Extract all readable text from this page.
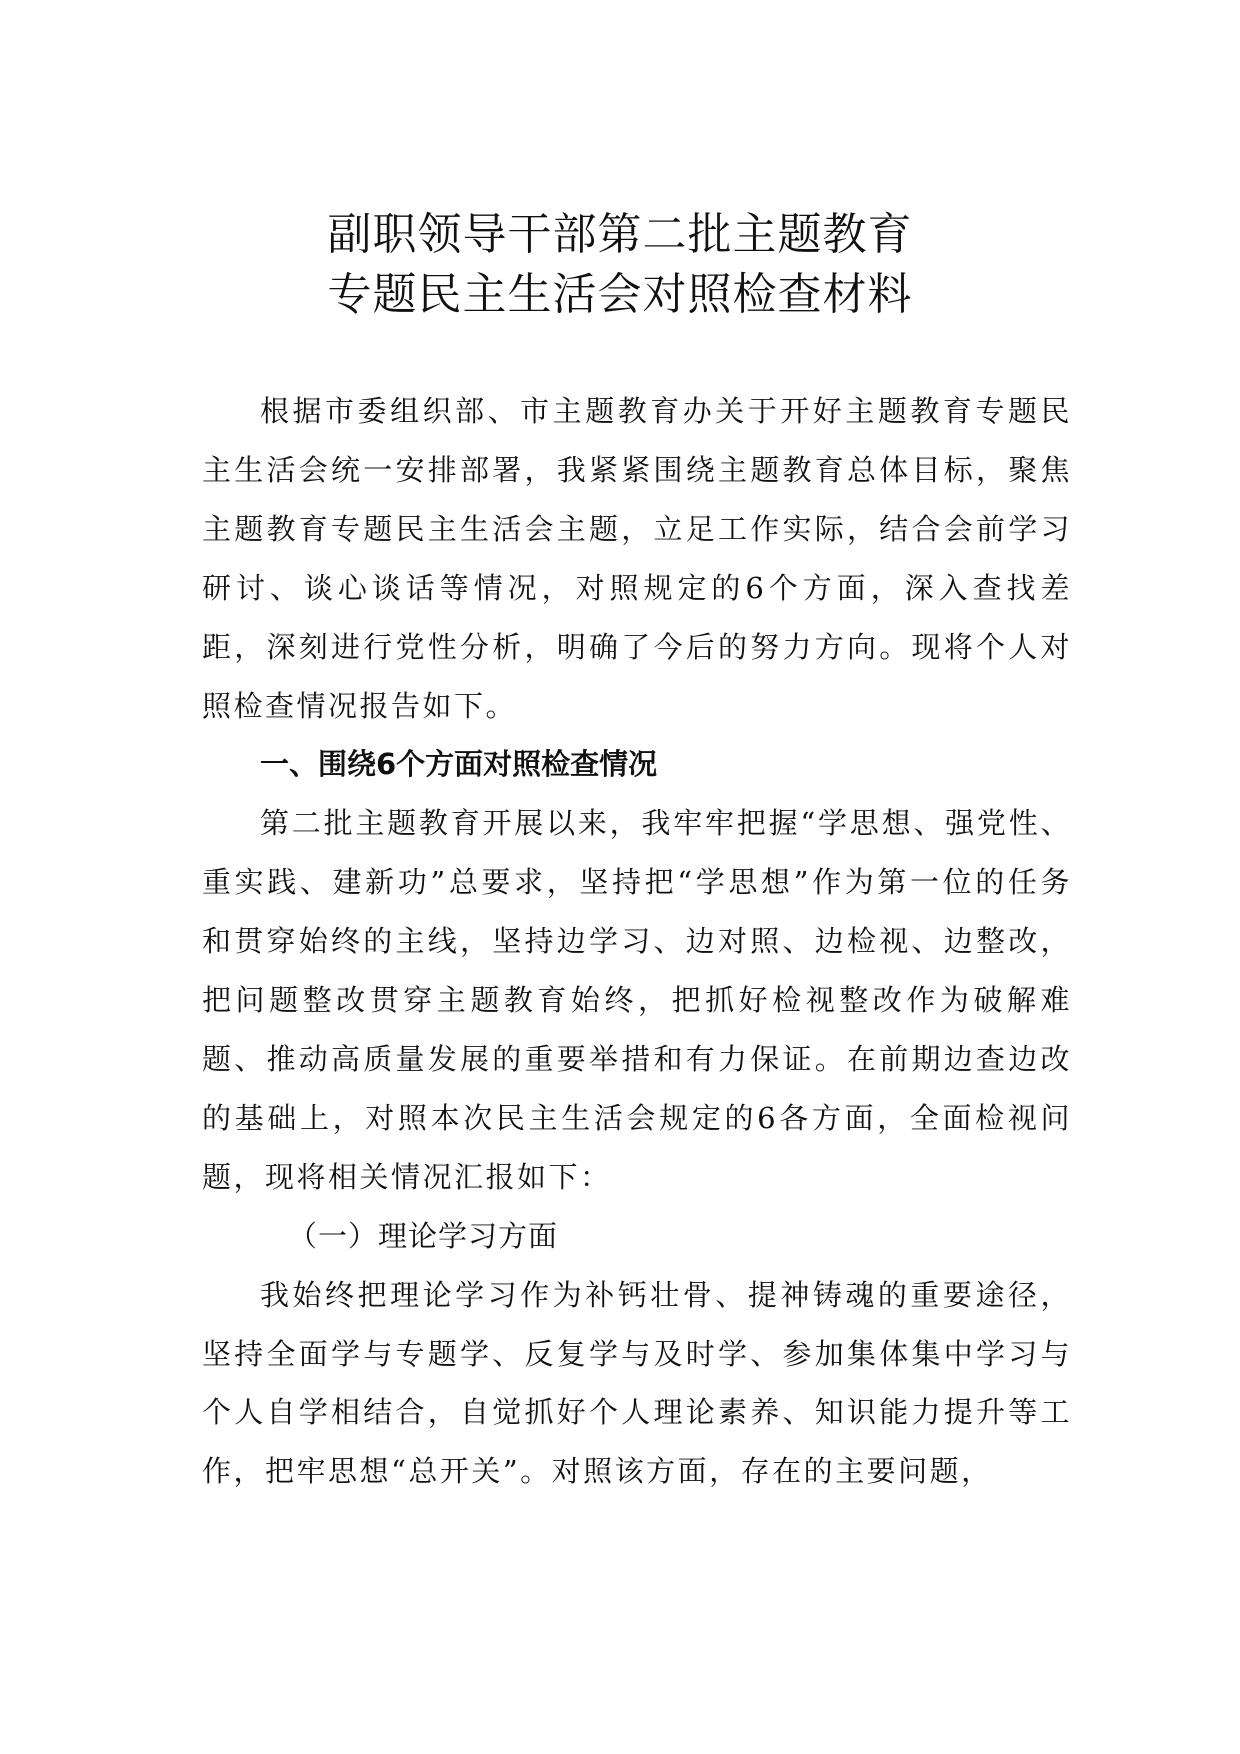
副职领导干部第二批主题教育
专题民主生活会对照检查材料

根据市委组织部、市主题教育办关于开好主题教育专题民主生活会统一安排部署，我紧紧围绕主题教育总体目标，聚焦主题教育专题民主生活会主题，立足工作实际，结合会前学习研讨、谈心谈话等情况，对照规定的6个方面，深入查找差距，深刻进行党性分析，明确了今后的努力方向。现将个人对照检查情况报告如下。

一、围绕6个方面对照检查情况

第二批主题教育开展以来，我牢牢把握“学思想、强党性、重实践、建新功”总要求，坚持把“学思想”作为第一位的任务和贯穿始终的主线，坚持边学习、边对照、边检视、边整改，把问题整改贯穿主题教育始终，把抓好检视整改作为破解难题、推动高质量发展的重要举措和有力保证。在前期边查边改的基础上，对照本次民主生活会规定的6各方面，全面检视问题，现将相关情况汇报如下：

（一）理论学习方面

我始终把理论学习作为补钙壮骨、提神铸魂的重要途径，坚持全面学与专题学、反复学与及时学、参加集体集中学习与个人自学相结合，自觉抓好个人理论素养、知识能力提升等工作，把牢思想“总开关”。对照该方面，存在的主要问题，
